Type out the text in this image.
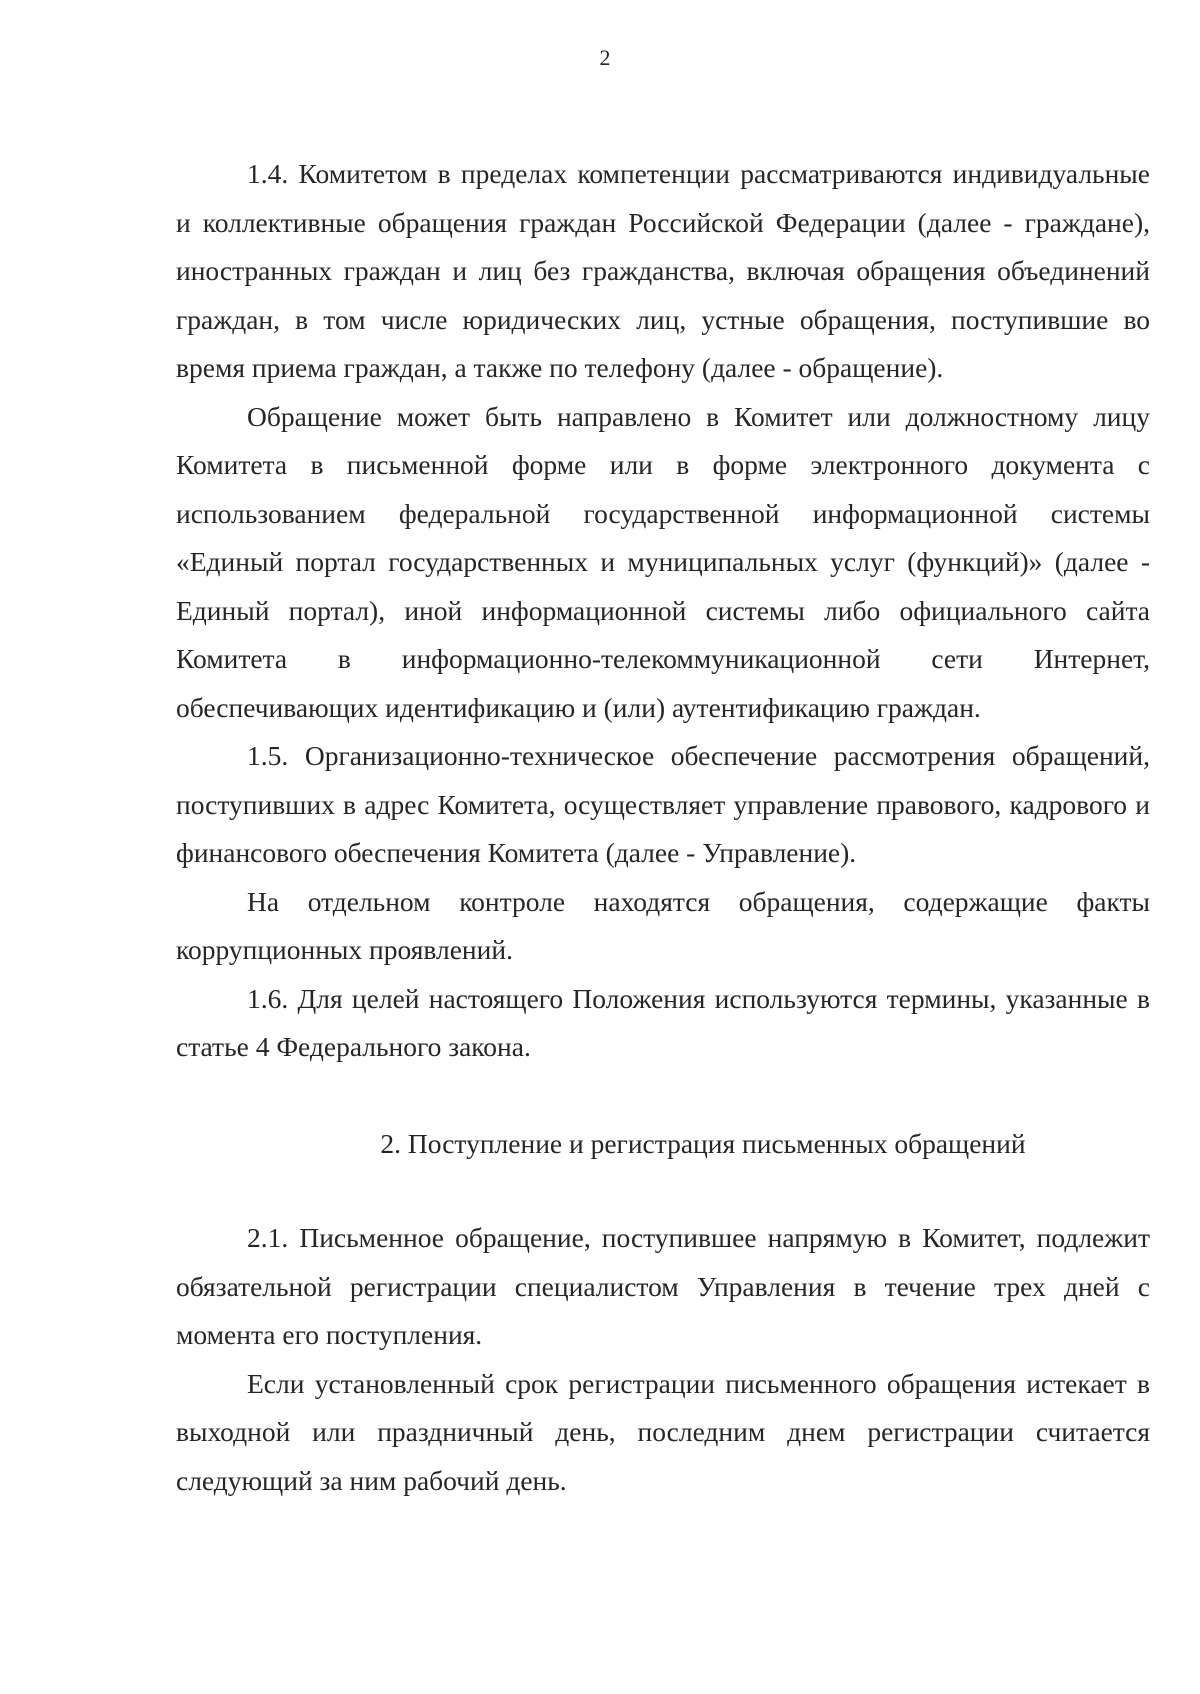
2

1.4. Комитетом в пределах компетенции рассматриваются индивидуальные и коллективные обращения граждан Российской Федерации (далее - граждане), иностранных граждан и лиц без гражданства, включая обращения объединений граждан, в том числе юридических лиц, устные обращения, поступившие во время приема граждан, а также по телефону (далее - обращение).

Обращение может быть направлено в Комитет или должностному лицу Комитета в письменной форме или в форме электронного документа с использованием федеральной государственной информационной системы «Единый портал государственных и муниципальных услуг (функций)» (далее - Единый портал), иной информационной системы либо официального сайта Комитета в информационно-телекоммуникационной сети Интернет, обеспечивающих идентификацию и (или) аутентификацию граждан.

1.5. Организационно-техническое обеспечение рассмотрения обращений, поступивших в адрес Комитета, осуществляет управление правового, кадрового и финансового обеспечения Комитета (далее - Управление).

На отдельном контроле находятся обращения, содержащие факты коррупционных проявлений.

1.6. Для целей настоящего Положения используются термины, указанные в статье 4 Федерального закона.

2. Поступление и регистрация письменных обращений

2.1. Письменное обращение, поступившее напрямую в Комитет, подлежит обязательной регистрации специалистом Управления в течение трех дней с момента его поступления.

Если установленный срок регистрации письменного обращения истекает в выходной или праздничный день, последним днем регистрации считается следующий за ним рабочий день.
